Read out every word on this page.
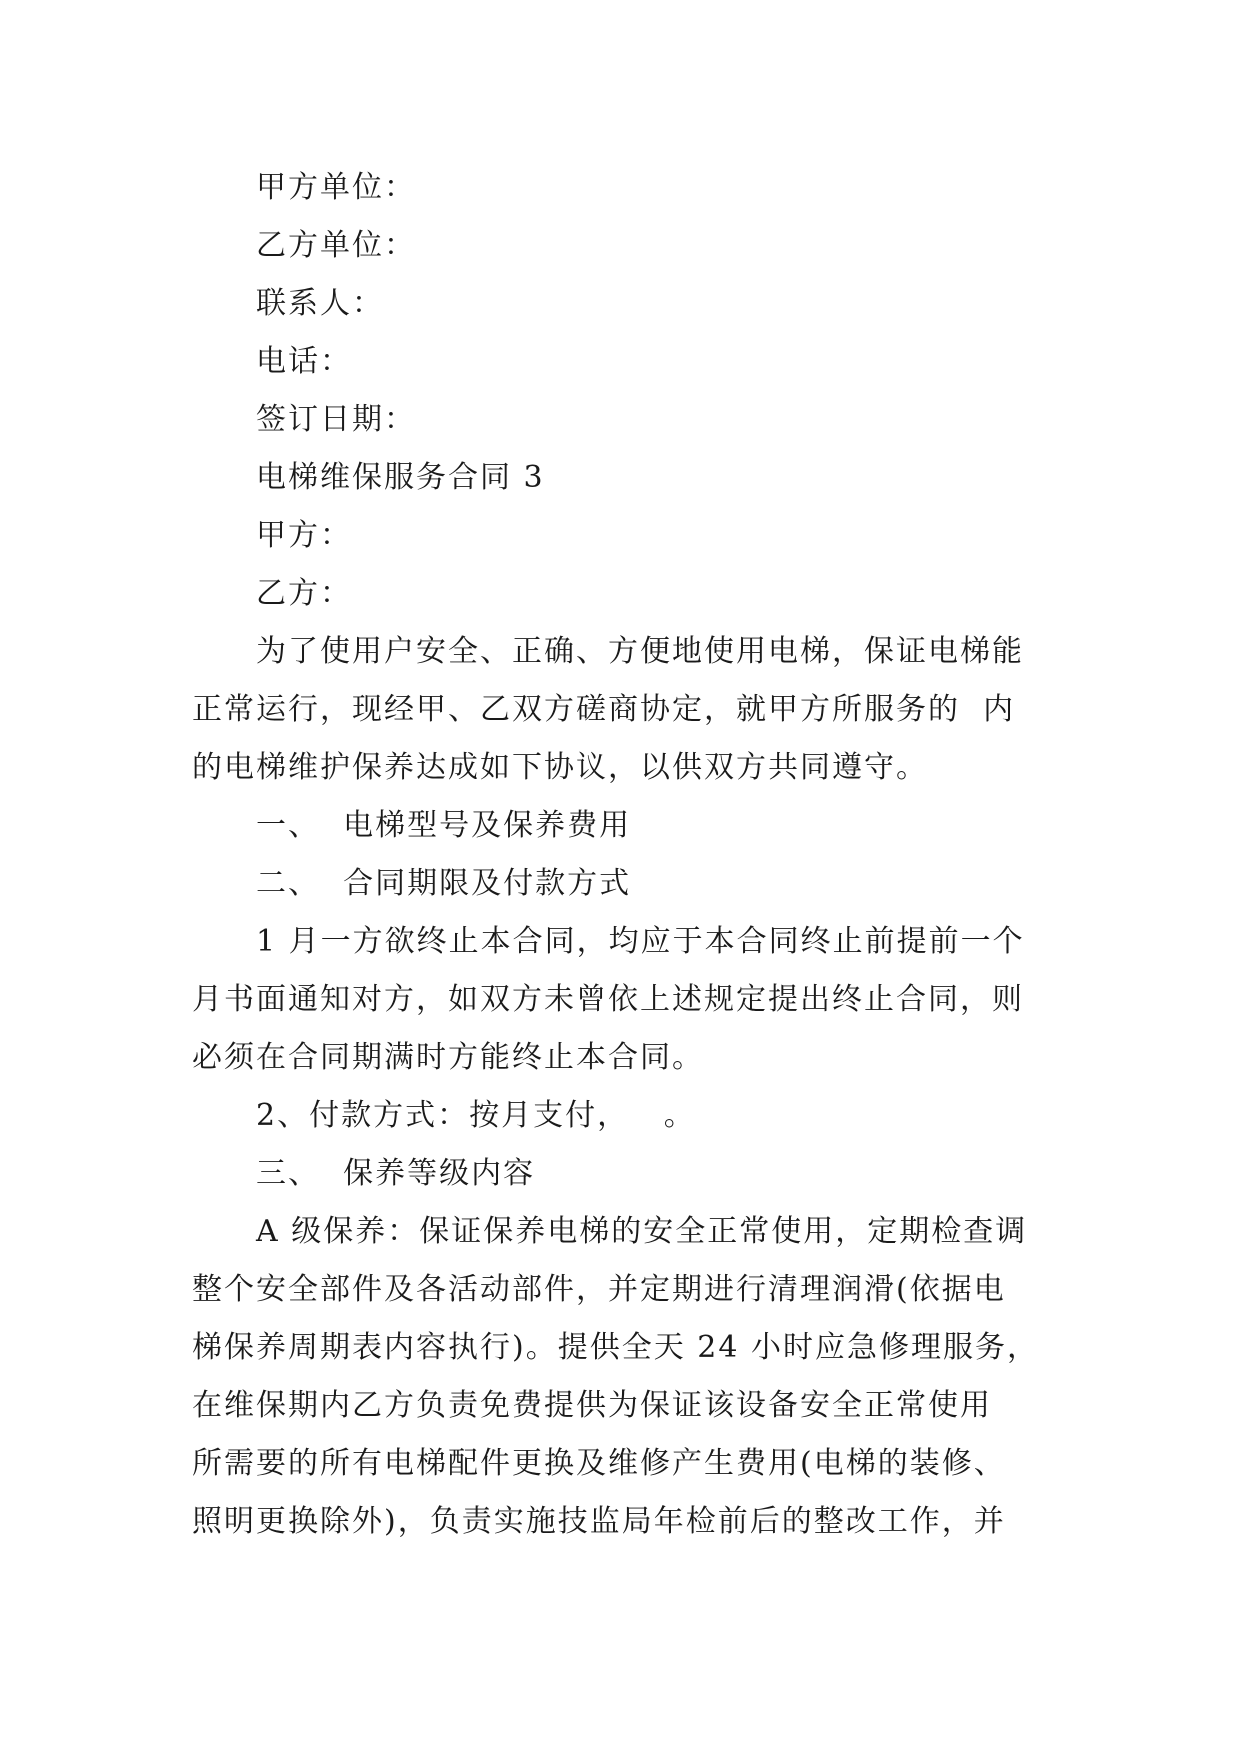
甲方单位：
乙方单位：
联系人：
电话：
签订日期：
电梯维保服务合同 3
甲方：
乙方：
为了使用户安全、正确、方便地使用电梯，保证电梯能
正常运行，现经甲、乙双方磋商协定，就甲方所服务的  内
的电梯维护保养达成如下协议，以供双方共同遵守。
一、  电梯型号及保养费用
二、  合同期限及付款方式
1 月一方欲终止本合同，均应于本合同终止前提前一个
月书面通知对方，如双方未曾依上述规定提出终止合同，则
必须在合同期满时方能终止本合同。
2、付款方式：按月支付，   。
三、  保养等级内容
A 级保养：保证保养电梯的安全正常使用，定期检查调
整个安全部件及各活动部件，并定期进行清理润滑(依据电
梯保养周期表内容执行)。提供全天 24 小时应急修理服务，
在维保期内乙方负责免费提供为保证该设备安全正常使用
所需要的所有电梯配件更换及维修产生费用(电梯的装修、
照明更换除外)，负责实施技监局年检前后的整改工作，并
